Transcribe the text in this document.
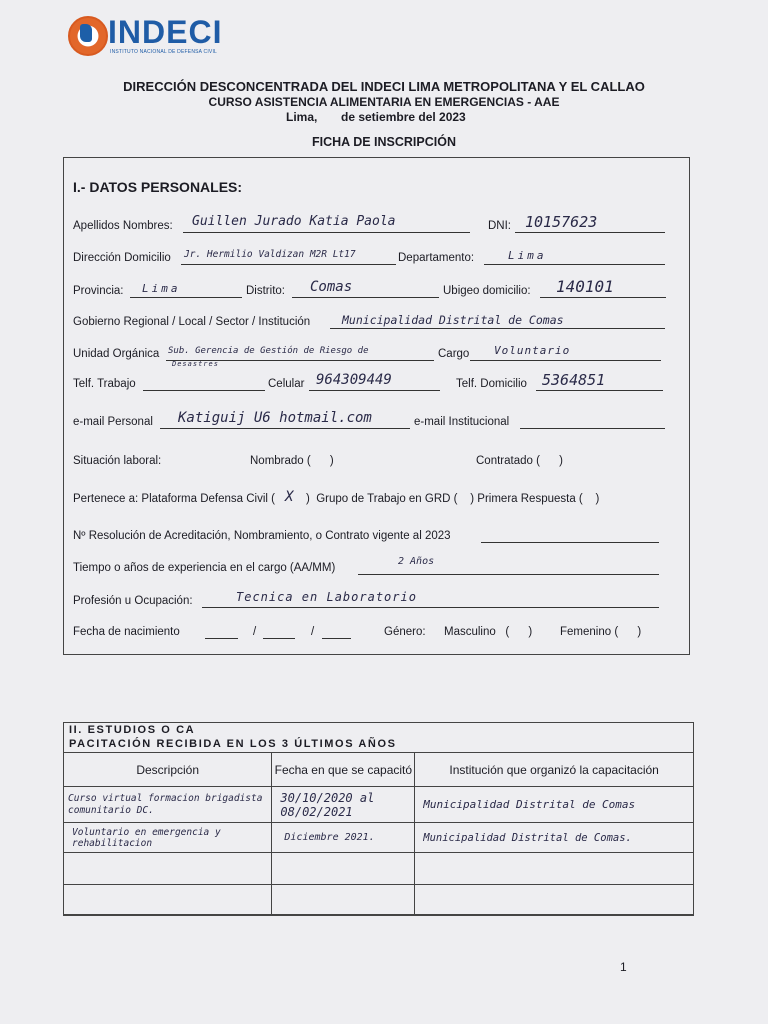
INDECI
INSTITUTO NACIONAL DE DEFENSA CIVIL
DIRECCIÓN DESCONCENTRADA DEL INDECI LIMA METROPOLITANA Y EL CALLAO
CURSO ASISTENCIA ALIMENTARIA EN EMERGENCIAS - AAE
Lima, de setiembre del 2023
FICHA DE INSCRIPCIÓN
I.- DATOS PERSONALES:
Apellidos Nombres: Guillen Jurado Katia Paola	DNI: 10157623
Dirección Domicilio Jr. Hermilio Valdizan M2R Lt17	Departamento:	Lima
Provincia: Lima	Distrito: Comas	Ubigeo domicilio: 140101
Gobierno Regional / Local / Sector / Institución	Municipalidad Distrital de Comas
Unidad Orgánica Sub. Gerencia de Gestión de Riesgo de
Desastres
Cargo Voluntario
Telf. Trabajo	Celular 964309449	Telf. Domicilio 5364851
e-mail Personal Katiguij U6 hotmail.com	e-mail Institucional
Situación laboral:	Nombrado (      )	Contratado (      )
Pertenece a: Plataforma Defensa Civil ( X )  Grupo de Trabajo en GRD (    ) Primera Respuesta (    )
Nº Resolución de Acreditación, Nombramiento, o Contrato vigente al 2023
Tiempo o años de experiencia en el cargo (AA/MM)
2 Años
Profesión u Ocupación:	Tecnica en Laboratorio
Fecha de nacimiento	/	/	Género: Masculino   (      ) Femenino (      )
II. ESTUDIOS O CA
PACITACIÓN RECIBIDA EN LOS 3 ÚLTIMOS AÑOS
Descripción	Fecha en que se capacitó	Institución que organizó la capacitación
Curso virtual formacion brigadista comunitario DC.	30/10/2020 al 08/02/2021	Municipalidad Distrital de Comas
Voluntario en emergencia y rehabilitacion	Diciembre 2021.	Municipalidad Distrital de Comas.

1
